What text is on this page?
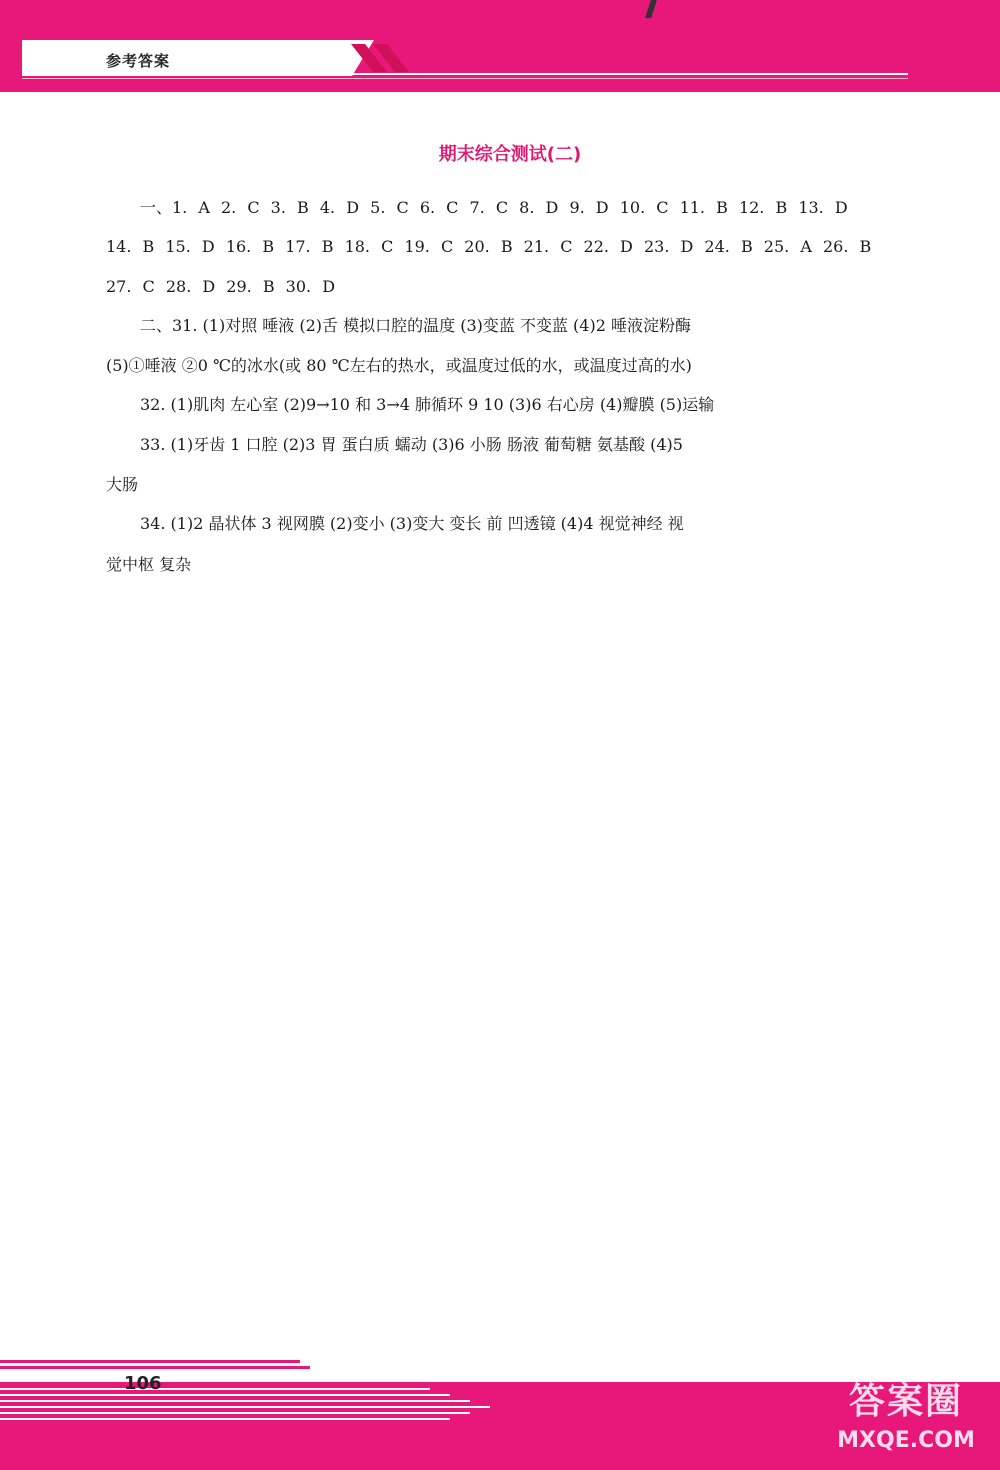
参考答案
期末综合测试(二)
一、1. A 2. C 3. B 4. D 5. C 6. C 7. C 8. D 9. D 10. C 11. B 12. B 13. D
14. B 15. D 16. B 17. B 18. C 19. C 20. B 21. C 22. D 23. D 24. B 25. A 26. B
27. C 28. D 29. B 30. D
二、31. (1)对照 唾液 (2)舌 模拟口腔的温度 (3)变蓝 不变蓝 (4)2 唾液淀粉酶
(5)①唾液 ②0 ℃的冰水(或 80 ℃左右的热水，或温度过低的水，或温度过高的水)
32. (1)肌肉 左心室 (2)9→10 和 3→4 肺循环 9 10 (3)6 右心房 (4)瓣膜 (5)运输
33. (1)牙齿 1 口腔 (2)3 胃 蛋白质 蠕动 (3)6 小肠 肠液 葡萄糖 氨基酸 (4)5
大肠
34. (1)2 晶状体 3 视网膜 (2)变小 (3)变大 变长 前 凹透镜 (4)4 视觉神经 视
觉中枢 复杂
106	答案圈
MXQE.COM
